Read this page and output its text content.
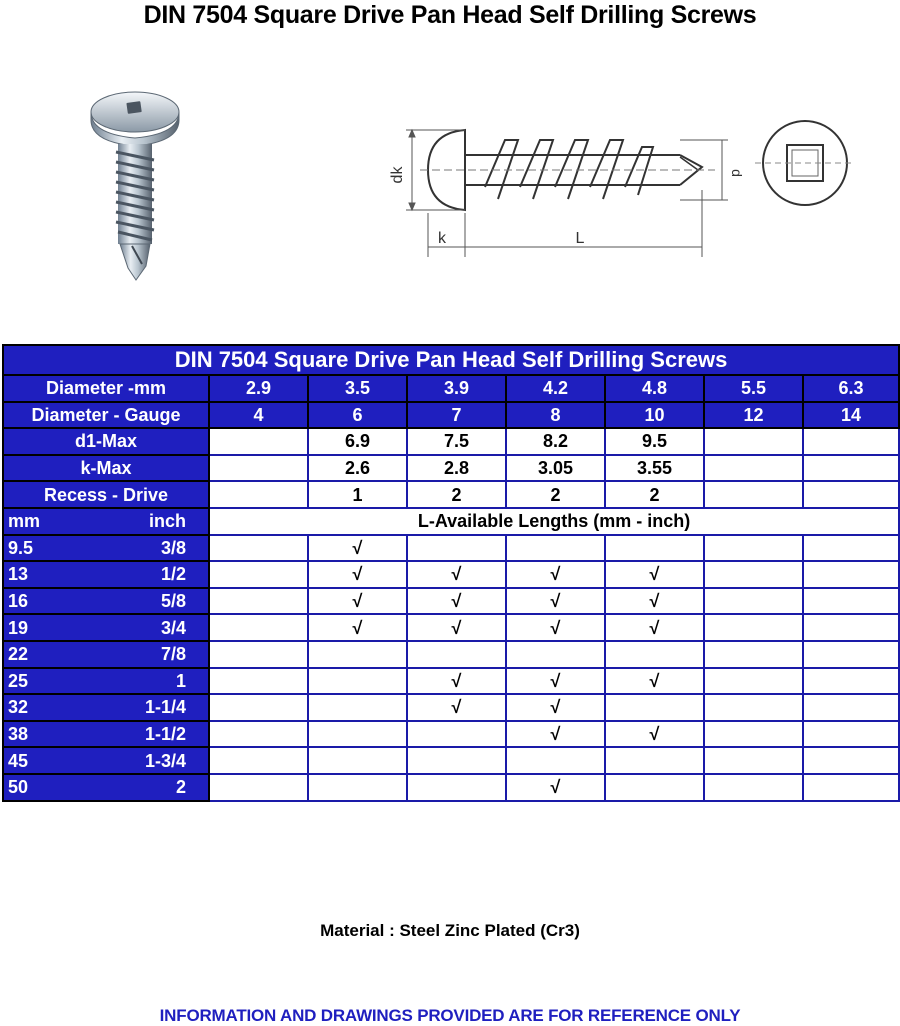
DIN 7504 Square Drive Pan Head Self Drilling Screws
dk
k	L
d
DIN 7504 Square Drive Pan Head Self Drilling Screws							
Diameter -mm	2.9	3.5	3.9	4.2	4.8	5.5	6.3
Diameter - Gauge	4	6	7	8	10	12	14
d1-Max		6.9	7.5	8.2	9.5		
k-Max		2.6	2.8	3.05	3.55		
Recess - Drive		1	2	2	2		

mm inch	L-Available Lengths (mm - inch)						

9.5 3/8		√					

13 1/2		√	√	√	√		

16 5/8		√	√	√	√		

19 3/4		√	√	√	√		

22 7/8							

25 1			√	√	√		

32 1-1/4			√	√			

38 1-1/2				√	√		

45 1-3/4							

50 2				√			
Material : Steel Zinc Plated (Cr3)
INFORMATION AND DRAWINGS PROVIDED ARE FOR REFERENCE ONLY
